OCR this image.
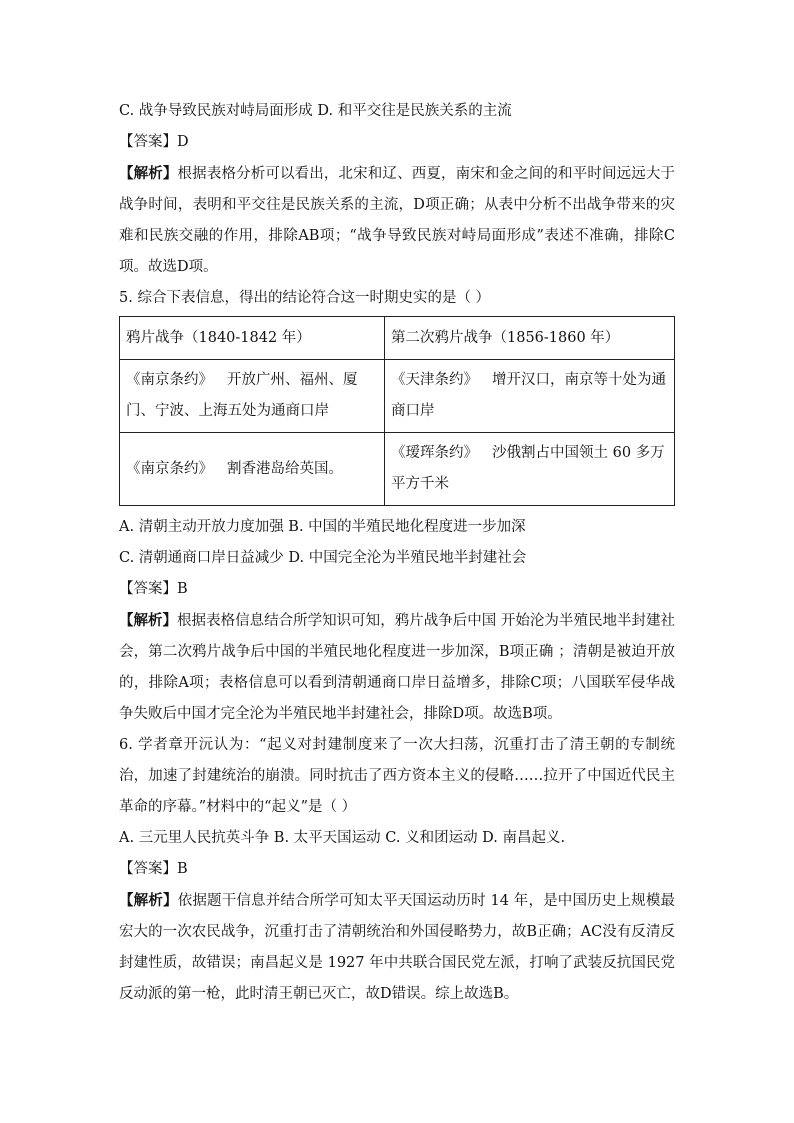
C. 战争导致民族对峙局面形成 D. 和平交往是民族关系的主流

【答案】D

【解析】根据表格分析可以看出，北宋和辽、西夏，南宋和金之间的和平时间远远大于战争时间，表明和平交往是民族关系的主流，D项正确；从表中分析不出战争带来的灾难和民族交融的作用，排除AB项；“战争导致民族对峙局面形成”表述不准确，排除C项。故选D项。

5. 综合下表信息，得出的结论符合这一时期史实的是（ ）

鸦片战争（1840-1842 年）	第二次鸦片战争（1856-1860 年）
《南京条约》 开放广州、福州、厦门、宁波、上海五处为通商口岸	《天津条约》 增开汉口，南京等十处为通商口岸
《南京条约》 割香港岛给英国。	《瑷珲条约》 沙俄割占中国领土 60 多万平方千米

A. 清朝主动开放力度加强 B. 中国的半殖民地化程度进一步加深

C. 清朝通商口岸日益减少 D. 中国完全沦为半殖民地半封建社会

【答案】B

【解析】根据表格信息结合所学知识可知，鸦片战争后中国 开始沦为半殖民地半封建社会，第二次鸦片战争后中国的半殖民地化程度进一步加深，B项正确 ；清朝是被迫开放的，排除A项；表格信息可以看到清朝通商口岸日益增多，排除C项；八国联军侵华战争失败后中国才完全沦为半殖民地半封建社会，排除D项。故选B项。

6. 学者章开沅认为：“起义对封建制度来了一次大扫荡，沉重打击了清王朝的专制统治，加速了封建统治的崩溃。同时抗击了西方资本主义的侵略……拉开了中国近代民主革命的序幕。”材料中的“起义”是（ ）

A. 三元里人民抗英斗争 B. 太平天国运动 C. 义和团运动 D. 南昌起义.

【答案】B

【解析】依据题干信息并结合所学可知太平天国运动历时 14 年，是中国历史上规模最宏大的一次农民战争，沉重打击了清朝统治和外国侵略势力，故B正确；AC没有反清反封建性质，故错误；南昌起义是 1927 年中共联合国民党左派，打响了武装反抗国民党反动派的第一枪，此时清王朝已灭亡，故D错误。综上故选B。
